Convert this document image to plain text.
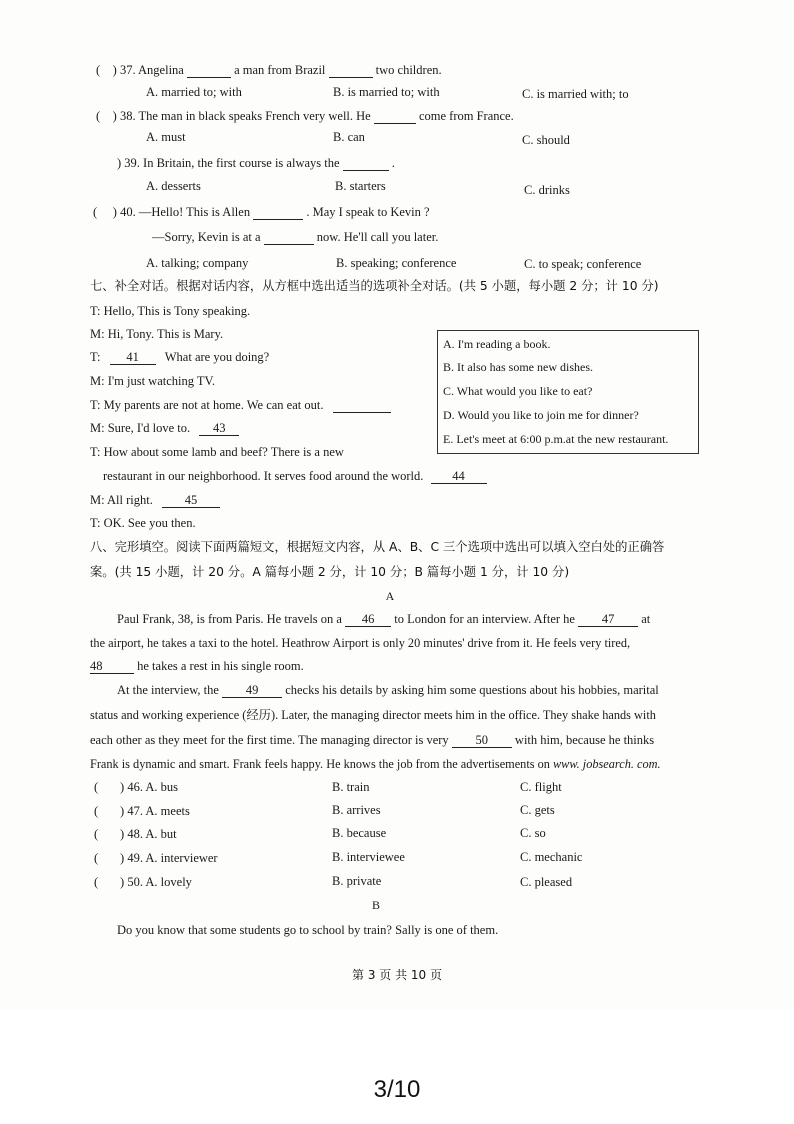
( ) 37. Angelina	a man from Brazil	two children.
A. married to; with	B. is married to; with	C. is married with; to
( ) 38. The man in black speaks French very well. He	come from France.
A. must	B. can	C. should
) 39. In Britain, the first course is always the	.
A. desserts	B. starters	C. drinks
( ) 40. —Hello! This is Allen	. May I speak to Kevin ?
—Sorry, Kevin is at a	now. He'll call you later.
A. talking; company	B. speaking; conference	C. to speak; conference
七、补全对话。根据对话内容，从方框中选出适当的选项补全对话。(共 5 小题，每小题 2 分；计 10 分)
T: Hello, This is Tony speaking.
M: Hi, Tony. This is Mary.
T: 41 What are you doing?
M: I'm just watching TV.
T: My parents are not at home. We can eat out.
M: Sure, I'd love to. 43
T: How about some lamb and beef? There is a new
restaurant in our neighborhood. It serves food around the world. 44
M: All right.	45
T: OK. See you then.
A. I'm reading a book.
B. It also has some new dishes.
C. What would you like to eat?
D. Would you like to join me for dinner?
E. Let's meet at 6:00 p.m.at the new restaurant.
八、完形填空。阅读下面两篇短文，根据短文内容，从 A、B、C 三个选项中选出可以填入空白处的正确答
案。(共 15 小题，计 20 分。A 篇每小题 2 分，计 10 分；B 篇每小题 1 分，计 10 分)
A
Paul Frank, 38, is from Paris. He travels on a 46 to London for an interview. After he 47 at
the airport, he takes a taxi to the hotel. Heathrow Airport is only 20 minutes' drive from it. He feels very tired,
48	he takes a rest in his single room.
At the interview, the 49 checks his details by asking him some questions about his hobbies, marital
status and working experience (经历). Later, the managing director meets him in the office. They shake hands with
each other as they meet for the first time. The managing director is very 50 with him, because he thinks
Frank is dynamic and smart. Frank feels happy. He knows the job from the advertisements on www. jobsearch. com.
( ) 46. A. bus	B. train	C. flight
( ) 47. A. meets	B. arrives	C. gets
( ) 48. A. but	B. because	C. so
( ) 49. A. interviewer	B. interviewee	C. mechanic
( ) 50. A. lovely	B. private	C. pleased
B
Do you know that some students go to school by train? Sally is one of them.
第 3 页 共 10 页
3/10
